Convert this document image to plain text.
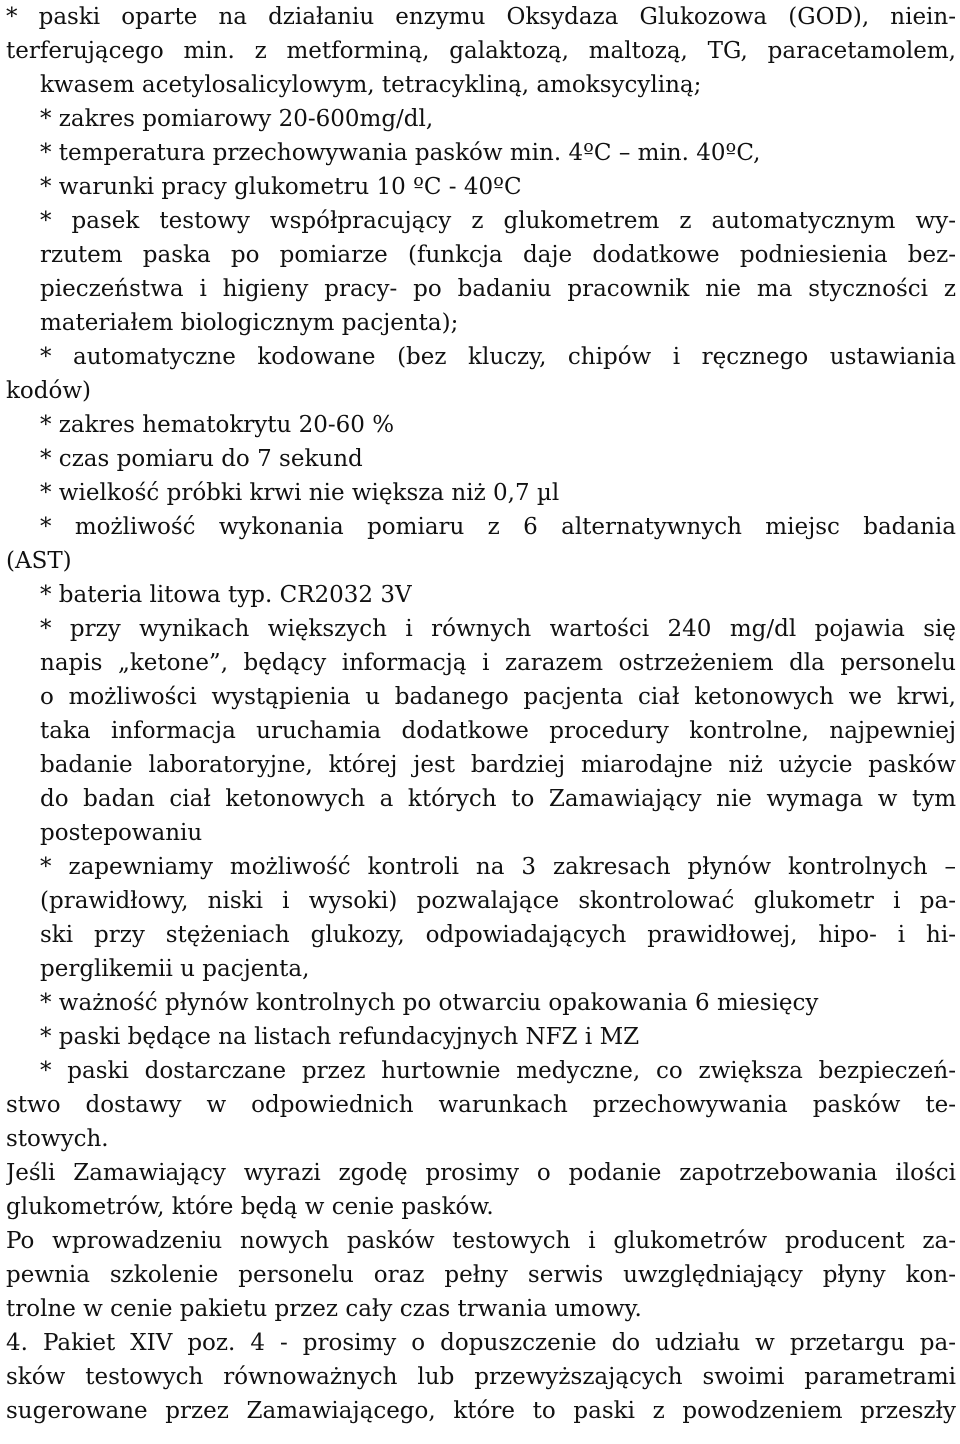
* paski oparte na działaniu enzymu Oksydaza Glukozowa (GOD), niein-
terferującego min. z metforminą, galaktozą, maltozą, TG, paracetamolem,
kwasem acetylosalicylowym, tetracykliną, amoksycyliną;
* zakres pomiarowy 20-600mg/dl,
* temperatura przechowywania pasków min. 4ºC – min. 40ºC,
* warunki pracy glukometru 10 ºC - 40ºC
* pasek testowy współpracujący z glukometrem z automatycznym wy-
rzutem paska po pomiarze (funkcja daje dodatkowe podniesienia bez-
pieczeństwa i higieny pracy- po badaniu pracownik nie ma styczności z
materiałem biologicznym pacjenta);
* automatyczne kodowane (bez kluczy, chipów i ręcznego ustawiania
kodów)
* zakres hematokrytu 20-60 %
* czas pomiaru do 7 sekund
* wielkość próbki krwi nie większa niż 0,7 µl
* możliwość wykonania pomiaru z 6 alternatywnych miejsc badania
(AST)
* bateria litowa typ. CR2032 3V
* przy wynikach większych i równych wartości 240 mg/dl pojawia się
napis „ketone”, będący informacją i zarazem ostrzeżeniem dla personelu
o możliwości wystąpienia u badanego pacjenta ciał ketonowych we krwi,
taka informacja uruchamia dodatkowe procedury kontrolne, najpewniej
badanie laboratoryjne, której jest bardziej miarodajne niż użycie pasków
do badan ciał ketonowych a których to Zamawiający nie wymaga w tym
postepowaniu
* zapewniamy możliwość kontroli na 3 zakresach płynów kontrolnych –
(prawidłowy, niski i wysoki) pozwalające skontrolować glukometr i pa-
ski przy stężeniach glukozy, odpowiadających prawidłowej, hipo- i hi-
perglikemii u pacjenta,
* ważność płynów kontrolnych po otwarciu opakowania 6 miesięcy
* paski będące na listach refundacyjnych NFZ i MZ
* paski dostarczane przez hurtownie medyczne, co zwiększa bezpieczeń-
stwo dostawy w odpowiednich warunkach przechowywania pasków te-
stowych.
Jeśli Zamawiający wyrazi zgodę prosimy o podanie zapotrzebowania ilości
glukometrów, które będą w cenie pasków.
Po wprowadzeniu nowych pasków testowych i glukometrów producent za-
pewnia szkolenie personelu oraz pełny serwis uwzględniający płyny kon-
trolne w cenie pakietu przez cały czas trwania umowy.
4. Pakiet XIV poz. 4 - prosimy o dopuszczenie do udziału w przetargu pa-
sków testowych równoważnych lub przewyższających swoimi parametrami
sugerowane przez Zamawiającego, które to paski z powodzeniem przeszły
